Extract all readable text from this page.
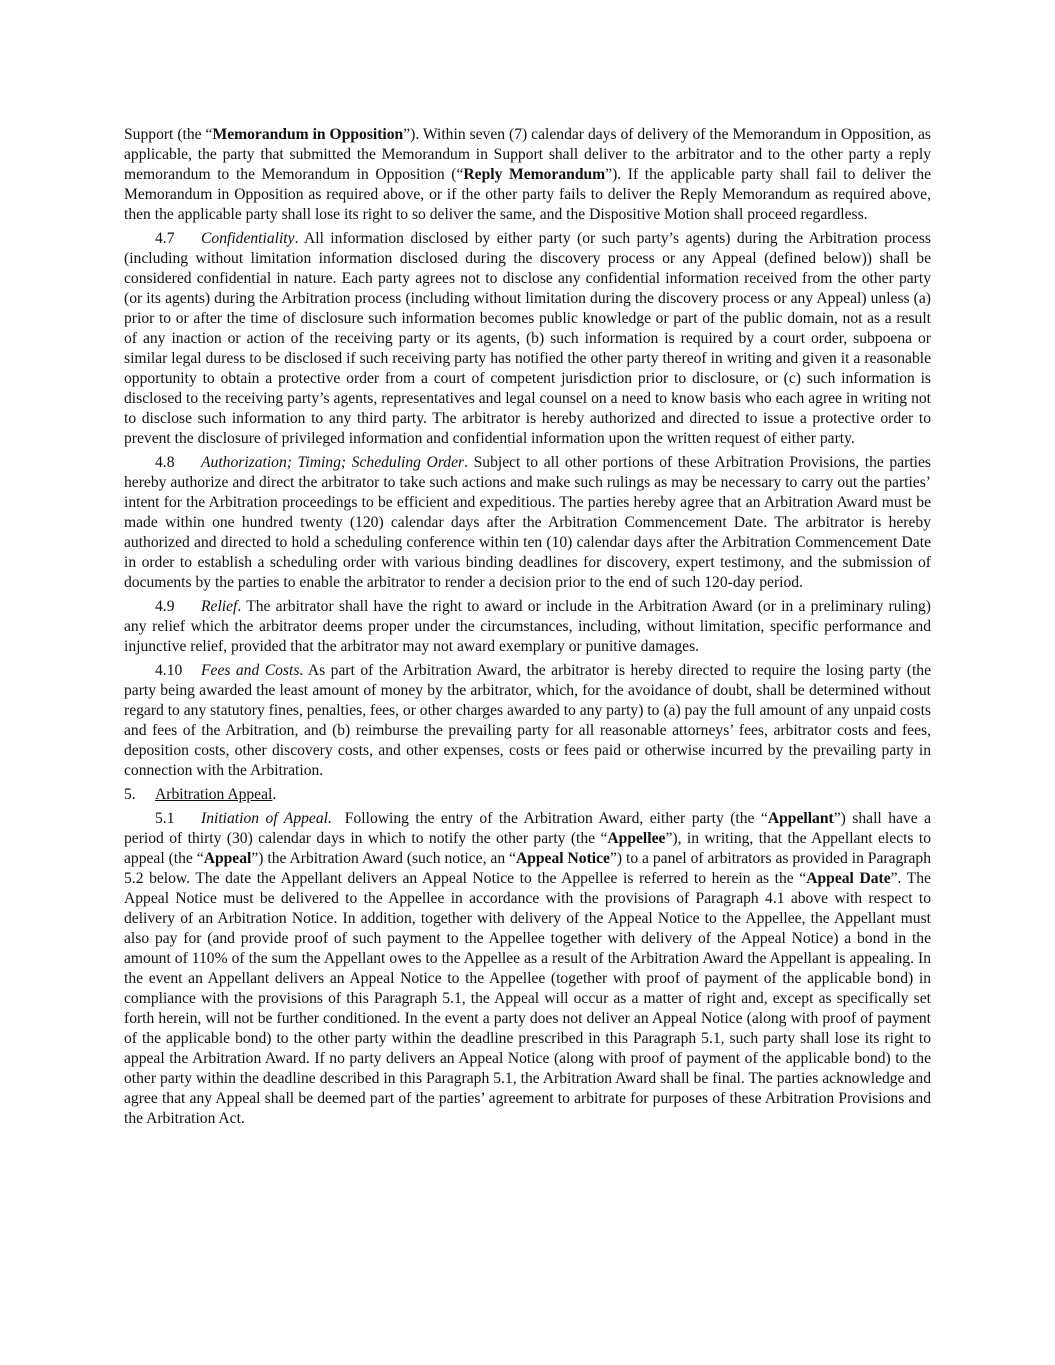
Support (the “Memorandum in Opposition”). Within seven (7) calendar days of delivery of the Memorandum in Opposition, as applicable, the party that submitted the Memorandum in Support shall deliver to the arbitrator and to the other party a reply memorandum to the Memorandum in Opposition (“Reply Memorandum”). If the applicable party shall fail to deliver the Memorandum in Opposition as required above, or if the other party fails to deliver the Reply Memorandum as required above, then the applicable party shall lose its right to so deliver the same, and the Dispositive Motion shall proceed regardless.

4.7 Confidentiality. All information disclosed by either party (or such party’s agents) during the Arbitration process (including without limitation information disclosed during the discovery process or any Appeal (defined below)) shall be considered confidential in nature. Each party agrees not to disclose any confidential information received from the other party (or its agents) during the Arbitration process (including without limitation during the discovery process or any Appeal) unless (a) prior to or after the time of disclosure such information becomes public knowledge or part of the public domain, not as a result of any inaction or action of the receiving party or its agents, (b) such information is required by a court order, subpoena or similar legal duress to be disclosed if such receiving party has notified the other party thereof in writing and given it a reasonable opportunity to obtain a protective order from a court of competent jurisdiction prior to disclosure, or (c) such information is disclosed to the receiving party’s agents, representatives and legal counsel on a need to know basis who each agree in writing not to disclose such information to any third party. The arbitrator is hereby authorized and directed to issue a protective order to prevent the disclosure of privileged information and confidential information upon the written request of either party.

4.8 Authorization; Timing; Scheduling Order. Subject to all other portions of these Arbitration Provisions, the parties hereby authorize and direct the arbitrator to take such actions and make such rulings as may be necessary to carry out the parties’ intent for the Arbitration proceedings to be efficient and expeditious. The parties hereby agree that an Arbitration Award must be made within one hundred twenty (120) calendar days after the Arbitration Commencement Date. The arbitrator is hereby authorized and directed to hold a scheduling conference within ten (10) calendar days after the Arbitration Commencement Date in order to establish a scheduling order with various binding deadlines for discovery, expert testimony, and the submission of documents by the parties to enable the arbitrator to render a decision prior to the end of such 120-day period.

4.9 Relief. The arbitrator shall have the right to award or include in the Arbitration Award (or in a preliminary ruling) any relief which the arbitrator deems proper under the circumstances, including, without limitation, specific performance and injunctive relief, provided that the arbitrator may not award exemplary or punitive damages.

4.10 Fees and Costs. As part of the Arbitration Award, the arbitrator is hereby directed to require the losing party (the party being awarded the least amount of money by the arbitrator, which, for the avoidance of doubt, shall be determined without regard to any statutory fines, penalties, fees, or other charges awarded to any party) to (a) pay the full amount of any unpaid costs and fees of the Arbitration, and (b) reimburse the prevailing party for all reasonable attorneys’ fees, arbitrator costs and fees, deposition costs, other discovery costs, and other expenses, costs or fees paid or otherwise incurred by the prevailing party in connection with the Arbitration.

5. Arbitration Appeal.

5.1 Initiation of Appeal.  Following the entry of the Arbitration Award, either party (the “Appellant”) shall have a period of thirty (30) calendar days in which to notify the other party (the “Appellee”), in writing, that the Appellant elects to appeal (the “Appeal”) the Arbitration Award (such notice, an “Appeal Notice”) to a panel of arbitrators as provided in Paragraph 5.2 below. The date the Appellant delivers an Appeal Notice to the Appellee is referred to herein as the “Appeal Date”. The Appeal Notice must be delivered to the Appellee in accordance with the provisions of Paragraph 4.1 above with respect to delivery of an Arbitration Notice. In addition, together with delivery of the Appeal Notice to the Appellee, the Appellant must also pay for (and provide proof of such payment to the Appellee together with delivery of the Appeal Notice) a bond in the amount of 110% of the sum the Appellant owes to the Appellee as a result of the Arbitration Award the Appellant is appealing. In the event an Appellant delivers an Appeal Notice to the Appellee (together with proof of payment of the applicable bond) in compliance with the provisions of this Paragraph 5.1, the Appeal will occur as a matter of right and, except as specifically set forth herein, will not be further conditioned. In the event a party does not deliver an Appeal Notice (along with proof of payment of the applicable bond) to the other party within the deadline prescribed in this Paragraph 5.1, such party shall lose its right to appeal the Arbitration Award. If no party delivers an Appeal Notice (along with proof of payment of the applicable bond) to the other party within the deadline described in this Paragraph 5.1, the Arbitration Award shall be final. The parties acknowledge and agree that any Appeal shall be deemed part of the parties’ agreement to arbitrate for purposes of these Arbitration Provisions and the Arbitration Act.
